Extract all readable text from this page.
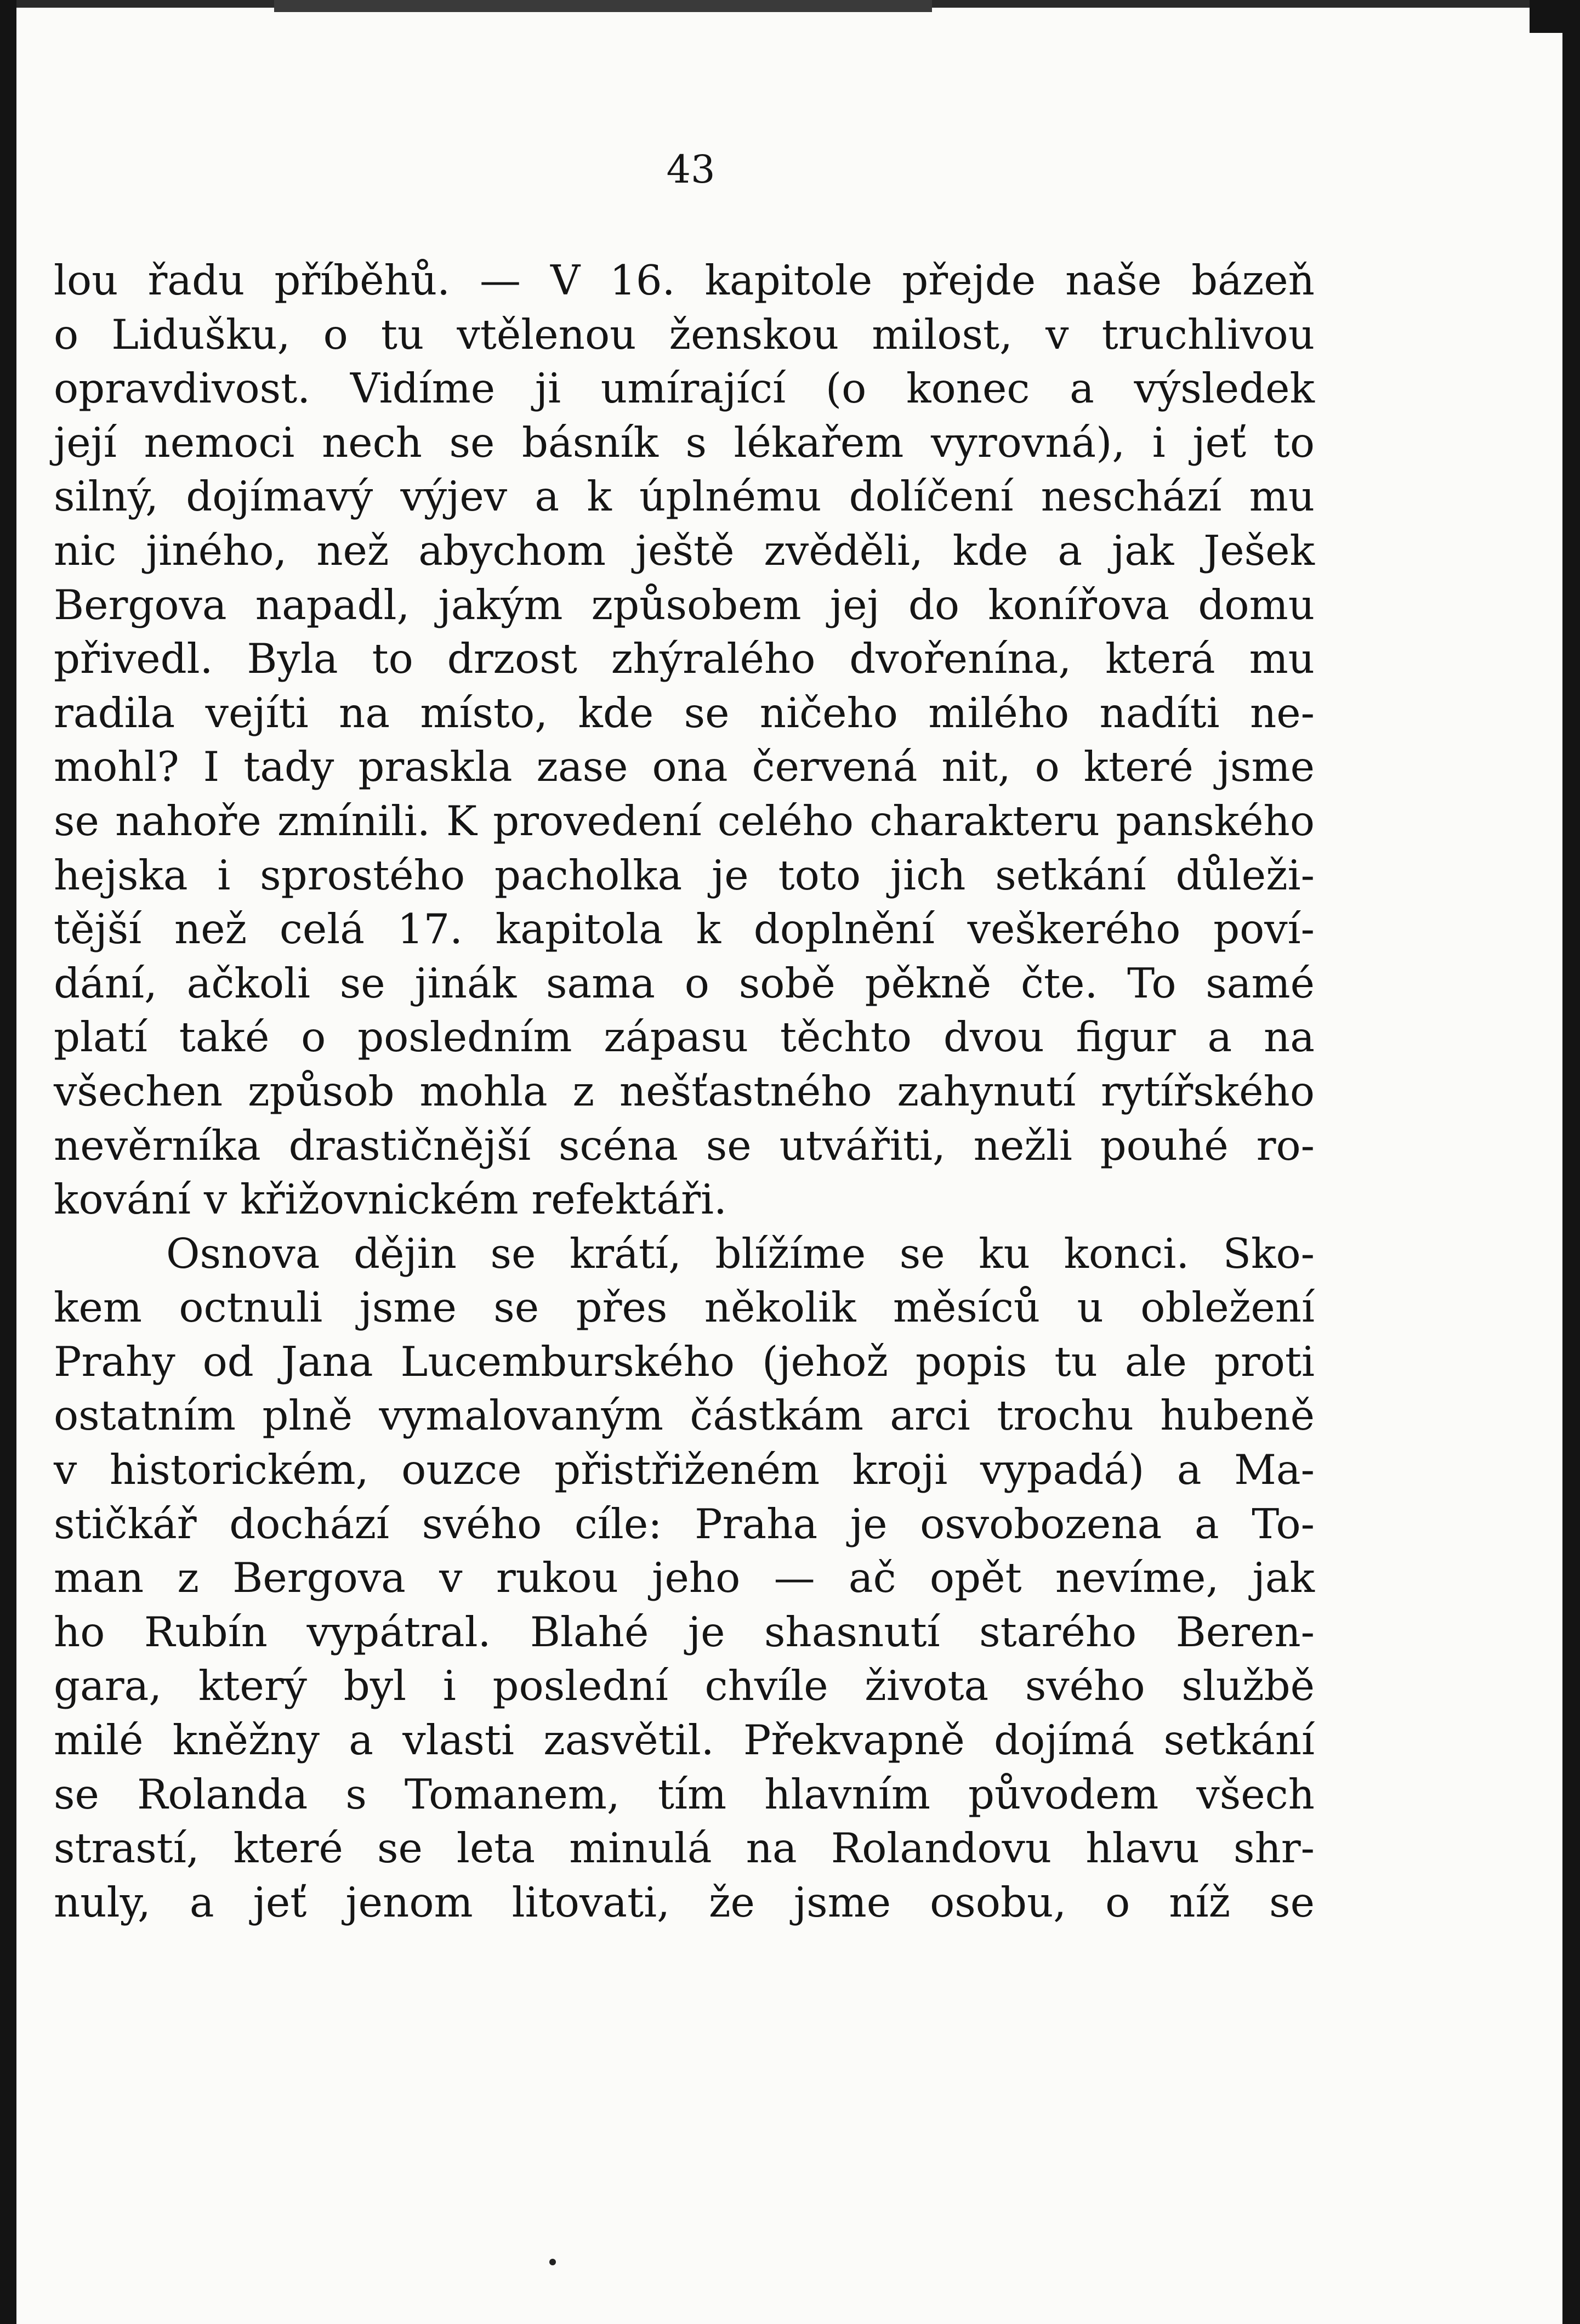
43
lou řadu příběhů. — V 16. kapitole přejde naše bázeň
o Lidušku, o tu vtělenou ženskou milost, v truchlivou
opravdivost. Vidíme ji umírající (o konec a výsledek
její nemoci nech se básník s lékařem vyrovná), i jeť to
silný, dojímavý výjev a k úplnému dolíčení neschází mu
nic jiného, než abychom ještě zvěděli, kde a jak Ješek
Bergova napadl, jakým způsobem jej do konířova domu
přivedl. Byla to drzost zhýralého dvořenína, která mu
radila vejíti na místo, kde se ničeho milého nadíti ne-
mohl? I tady praskla zase ona červená nit, o které jsme
se nahoře zmínili. K provedení celého charakteru panského
hejska i sprostého pacholka je toto jich setkání důleži-
tější než celá 17. kapitola k doplnění veškerého poví-
dání, ačkoli se jinák sama o sobě pěkně čte. To samé
platí také o posledním zápasu těchto dvou figur a na
všechen způsob mohla z nešťastného zahynutí rytířského
nevěrníka drastičnější scéna se utvářiti, nežli pouhé ro-
kování v křižovnickém refektáři.
Osnova dějin se krátí, blížíme se ku konci. Sko-
kem octnuli jsme se přes několik měsíců u obležení
Prahy od Jana Lucemburského (jehož popis tu ale proti
ostatním plně vymalovaným částkám arci trochu hubeně
v historickém, ouzce přistřiženém kroji vypadá) a Ma-
stičkář dochází svého cíle: Praha je osvobozena a To-
man z Bergova v rukou jeho — ač opět nevíme, jak
ho Rubín vypátral. Blahé je shasnutí starého Beren-
gara, který byl i poslední chvíle života svého službě
milé kněžny a vlasti zasvětil. Překvapně dojímá setkání
se Rolanda s Tomanem, tím hlavním původem všech
strastí, které se leta minulá na Rolandovu hlavu shr-
nuly, a jeť jenom litovati, že jsme osobu, o níž se
